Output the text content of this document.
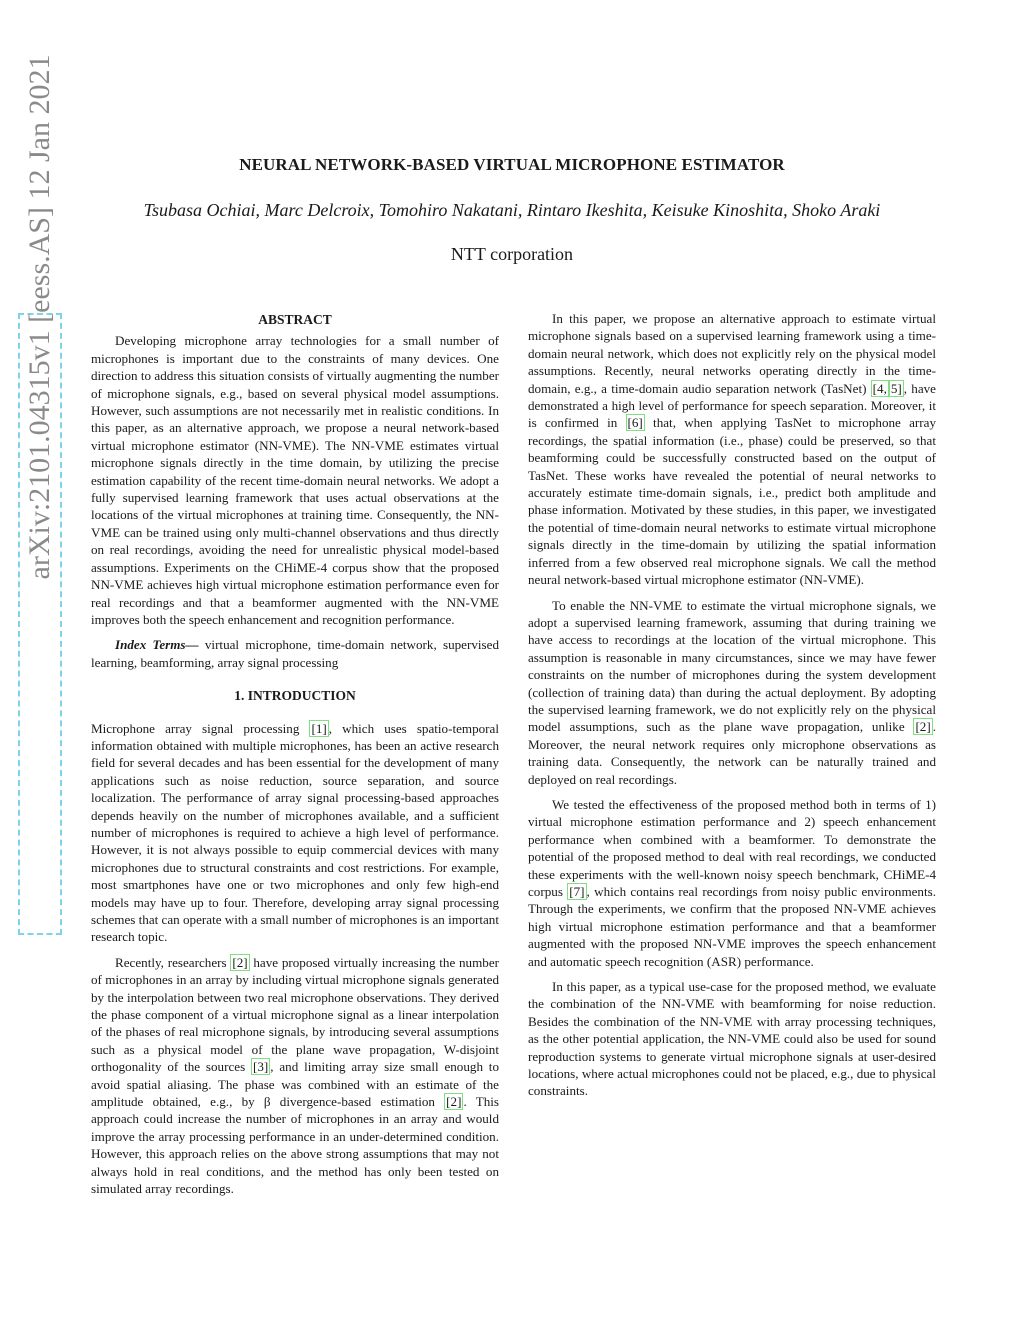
arXiv:2101.04315v1 [eess.AS] 12 Jan 2021	NEURAL NETWORK-BASED VIRTUAL MICROPHONE ESTIMATOR
Tsubasa Ochiai, Marc Delcroix, Tomohiro Nakatani, Rintaro Ikeshita, Keisuke Kinoshita, Shoko Araki
NTT corporation
ABSTRACT

Developing microphone array technologies for a small number of microphones is important due to the constraints of many devices. One direction to address this situation consists of virtually augmenting the number of microphone signals, e.g., based on several physical model assumptions. However, such assumptions are not necessarily met in realistic conditions. In this paper, as an alternative approach, we propose a neural network-based virtual microphone estimator (NN-VME). The NN-VME estimates virtual microphone signals directly in the time domain, by utilizing the precise estimation capability of the recent time-domain neural networks. We adopt a fully supervised learning framework that uses actual observations at the locations of the virtual microphones at training time. Consequently, the NN-VME can be trained using only multi-channel observations and thus directly on real recordings, avoiding the need for unrealistic physical model-based assumptions. Experiments on the CHiME-4 corpus show that the proposed NN-VME achieves high virtual microphone estimation performance even for real recordings and that a beamformer augmented with the NN-VME improves both the speech enhancement and recognition performance.

Index Terms— virtual microphone, time-domain network, supervised learning, beamforming, array signal processing

1. INTRODUCTION

Microphone array signal processing [1] , which uses spatio-temporal information obtained with multiple microphones, has been an active research field for several decades and has been essential for the development of many applications such as noise reduction, source separation, and source localization. The performance of array signal processing-based approaches depends heavily on the number of microphones available, and a sufficient number of microphones is required to achieve a high level of performance. However, it is not always possible to equip commercial devices with many microphones due to structural constraints and cost restrictions. For example, most smartphones have one or two microphones and only few high-end models may have up to four. Therefore, developing array signal processing schemes that can operate with a small number of microphones is an important research topic.

Recently, researchers [2] have proposed virtually increasing the number of microphones in an array by including virtual microphone signals generated by the interpolation between two real microphone observations. They derived the phase component of a virtual microphone signal as a linear interpolation of the phases of real microphone signals, by introducing several assumptions such as a physical model of the plane wave propagation, W-disjoint orthogonality of the sources [3] , and limiting array size small enough to avoid spatial aliasing. The phase was combined with an estimate of the amplitude obtained, e.g., by β divergence-based estimation [2] . This approach could increase the number of microphones in an array and would improve the array processing performance in an under-determined condition. However, this approach relies on the above strong assumptions that may not always hold in real conditions, and the method has only been tested on simulated array recordings.

In this paper, we propose an alternative approach to estimate virtual microphone signals based on a supervised learning framework using a time-domain neural network, which does not explicitly rely on the physical model assumptions. Recently, neural networks operating directly in the time-domain, e.g., a time-domain audio separation network (TasNet) [4, 5] , have demonstrated a high level of performance for speech separation. Moreover, it is confirmed in [6] that, when applying TasNet to microphone array recordings, the spatial information (i.e., phase) could be preserved, so that beamforming could be successfully constructed based on the output of TasNet. These works have revealed the potential of neural networks to accurately estimate time-domain signals, i.e., predict both amplitude and phase information. Motivated by these studies, in this paper, we investigated the potential of time-domain neural networks to estimate virtual microphone signals directly in the time-domain by utilizing the spatial information inferred from a few observed real microphone signals. We call the method neural network-based virtual microphone estimator (NN-VME).

To enable the NN-VME to estimate the virtual microphone signals, we adopt a supervised learning framework, assuming that during training we have access to recordings at the location of the virtual microphone. This assumption is reasonable in many circumstances, since we may have fewer constraints on the number of microphones during the system development (collection of training data) than during the actual deployment. By adopting the supervised learning framework, we do not explicitly rely on the physical model assumptions, such as the plane wave propagation, unlike [2] . Moreover, the neural network requires only microphone observations as training data. Consequently, the network can be naturally trained and deployed on real recordings.

We tested the effectiveness of the proposed method both in terms of 1) virtual microphone estimation performance and 2) speech enhancement performance when combined with a beamformer. To demonstrate the potential of the proposed method to deal with real recordings, we conducted these experiments with the well-known noisy speech benchmark, CHiME-4 corpus [7] , which contains real recordings from noisy public environments. Through the experiments, we confirm that the proposed NN-VME achieves high virtual microphone estimation performance and that a beamformer augmented with the proposed NN-VME improves the speech enhancement and automatic speech recognition (ASR) performance.

In this paper, as a typical use-case for the proposed method, we evaluate the combination of the NN-VME with beamforming for noise reduction. Besides the combination of the NN-VME with array processing techniques, as the other potential application, the NN-VME could also be used for sound reproduction systems to generate virtual microphone signals at user-desired locations, where actual microphones could not be placed, e.g., due to physical constraints.
